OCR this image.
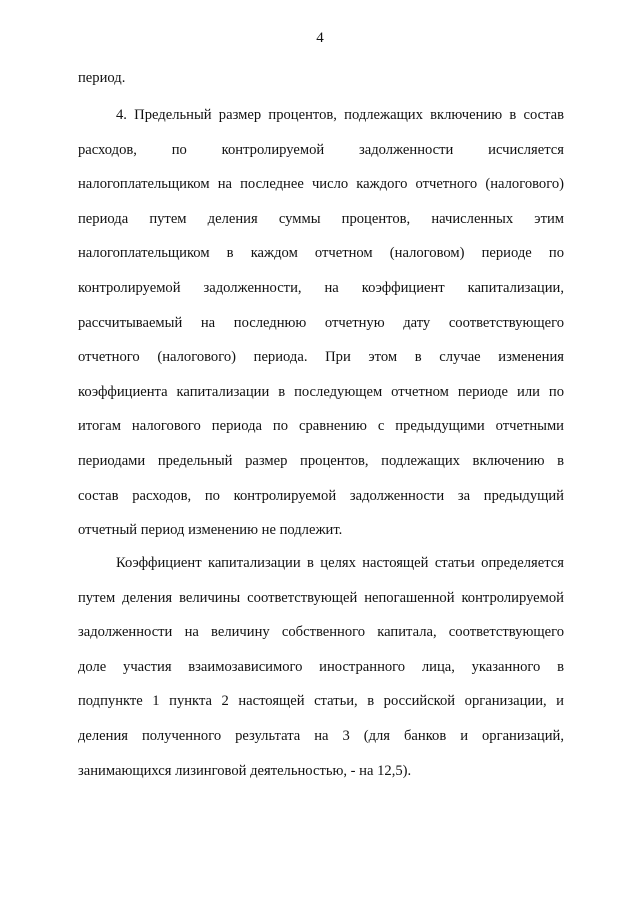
4
период.
4. Предельный размер процентов, подлежащих включению в состав
расходов, по контролируемой задолженности исчисляется
налогоплательщиком на последнее число каждого отчетного (налогового)
периода путем деления суммы процентов, начисленных этим
налогоплательщиком в каждом отчетном (налоговом) периоде по
контролируемой задолженности, на коэффициент капитализации,
рассчитываемый на последнюю отчетную дату соответствующего
отчетного (налогового) периода. При этом в случае изменения
коэффициента капитализации в последующем отчетном периоде или по
итогам налогового периода по сравнению с предыдущими отчетными
периодами предельный размер процентов, подлежащих включению в
состав расходов, по контролируемой задолженности за предыдущий
отчетный период изменению не подлежит.
Коэффициент капитализации в целях настоящей статьи определяется
путем деления величины соответствующей непогашенной контролируемой
задолженности на величину собственного капитала, соответствующего
доле участия взаимозависимого иностранного лица, указанного в
подпункте 1 пункта 2 настоящей статьи, в российской организации, и
деления полученного результата на 3 (для банков и организаций,
занимающихся лизинговой деятельностью, - на 12,5).
